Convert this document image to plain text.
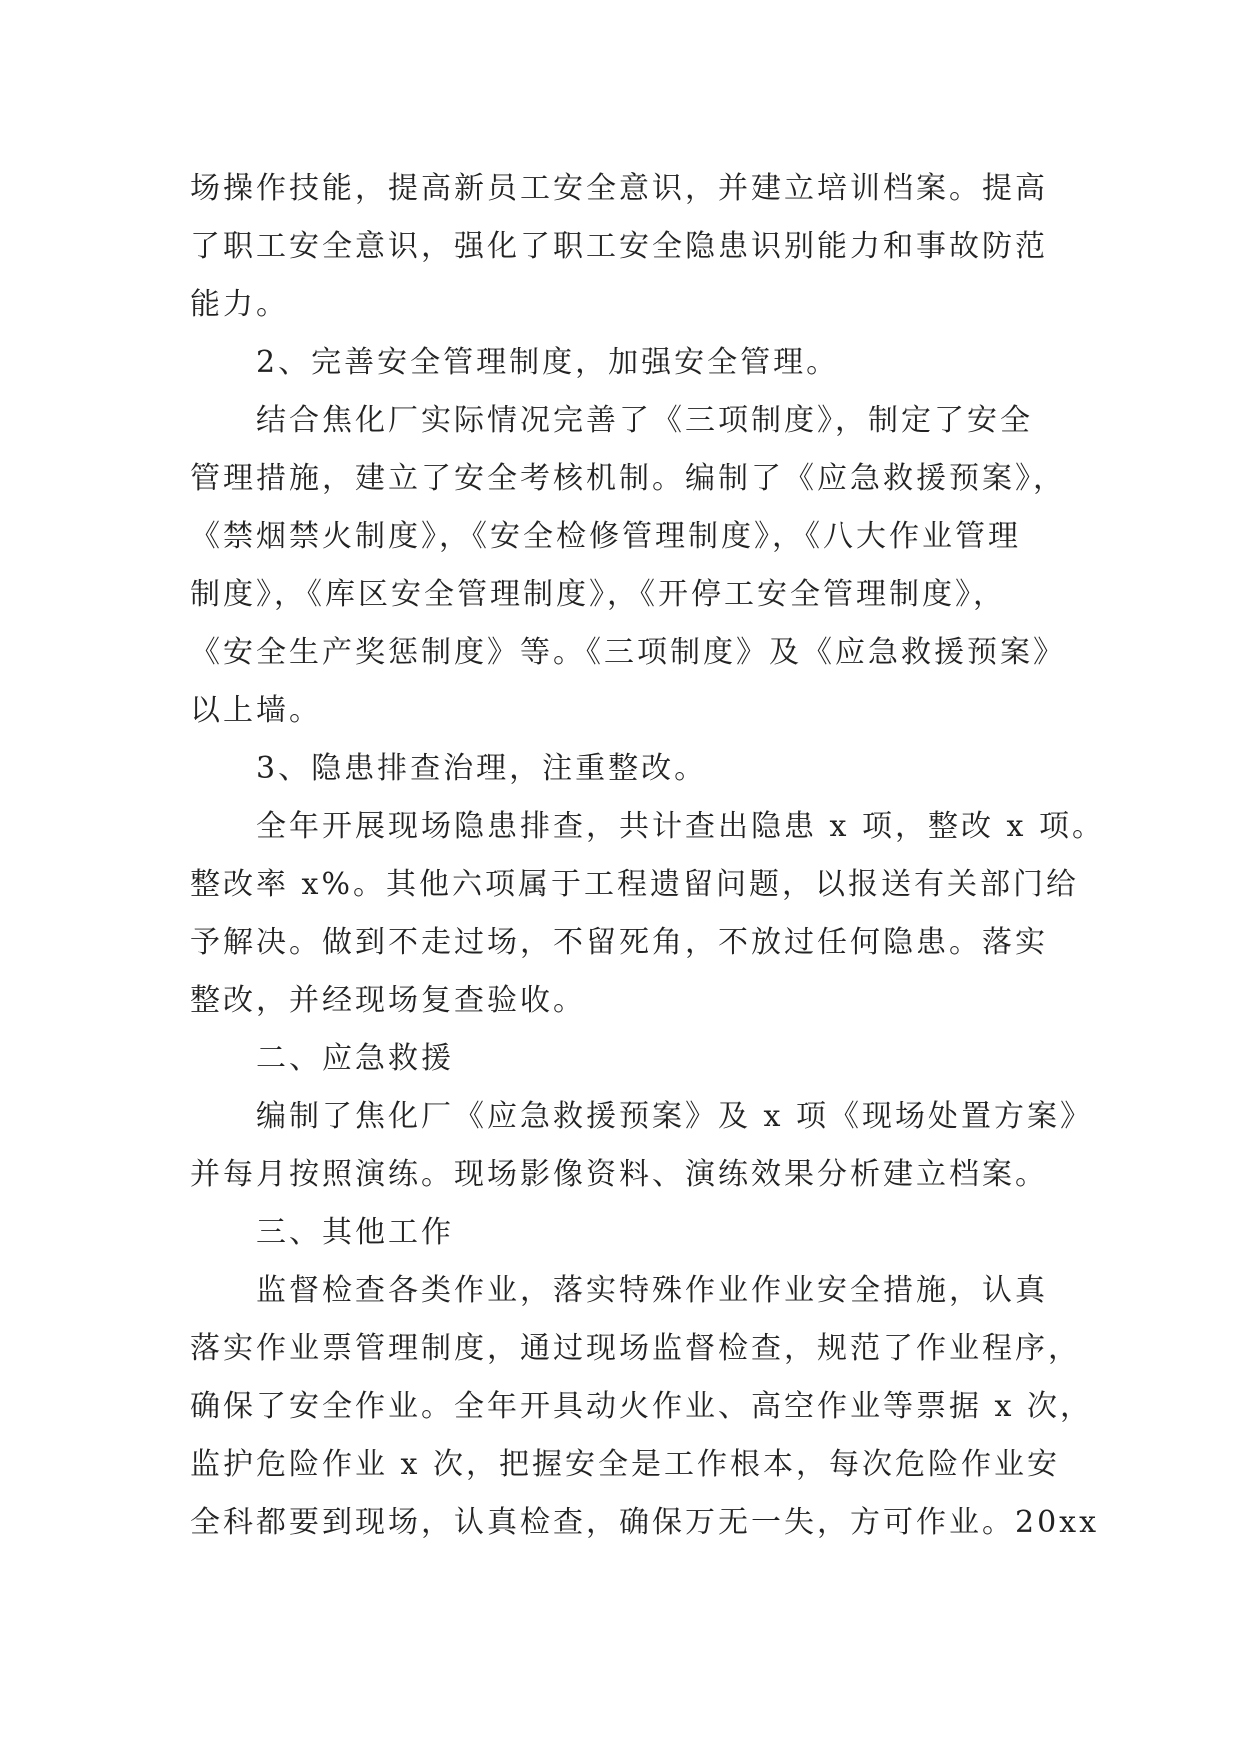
场操作技能，提高新员工安全意识，并建立培训档案。提高
了职工安全意识，强化了职工安全隐患识别能力和事故防范
能力。
2、完善安全管理制度，加强安全管理。
结合焦化厂实际情况完善了《三项制度》，制定了安全
管理措施，建立了安全考核机制。编制了《应急救援预案》，
《禁烟禁火制度》，《安全检修管理制度》，《八大作业管理
制度》，《库区安全管理制度》，《开停工安全管理制度》，
《安全生产奖惩制度》等。《三项制度》及《应急救援预案》
以上墙。
3、隐患排查治理，注重整改。
全年开展现场隐患排查，共计查出隐患 x 项，整改 x 项。
整改率 x%。其他六项属于工程遗留问题，以报送有关部门给
予解决。做到不走过场，不留死角，不放过任何隐患。落实
整改，并经现场复查验收。
二、应急救援
编制了焦化厂《应急救援预案》及 x 项《现场处置方案》
并每月按照演练。现场影像资料、演练效果分析建立档案。
三、其他工作
监督检查各类作业，落实特殊作业作业安全措施，认真
落实作业票管理制度，通过现场监督检查，规范了作业程序，
确保了安全作业。全年开具动火作业、高空作业等票据 x 次，
监护危险作业 x 次，把握安全是工作根本，每次危险作业安
全科都要到现场，认真检查，确保万无一失，方可作业。20xx
